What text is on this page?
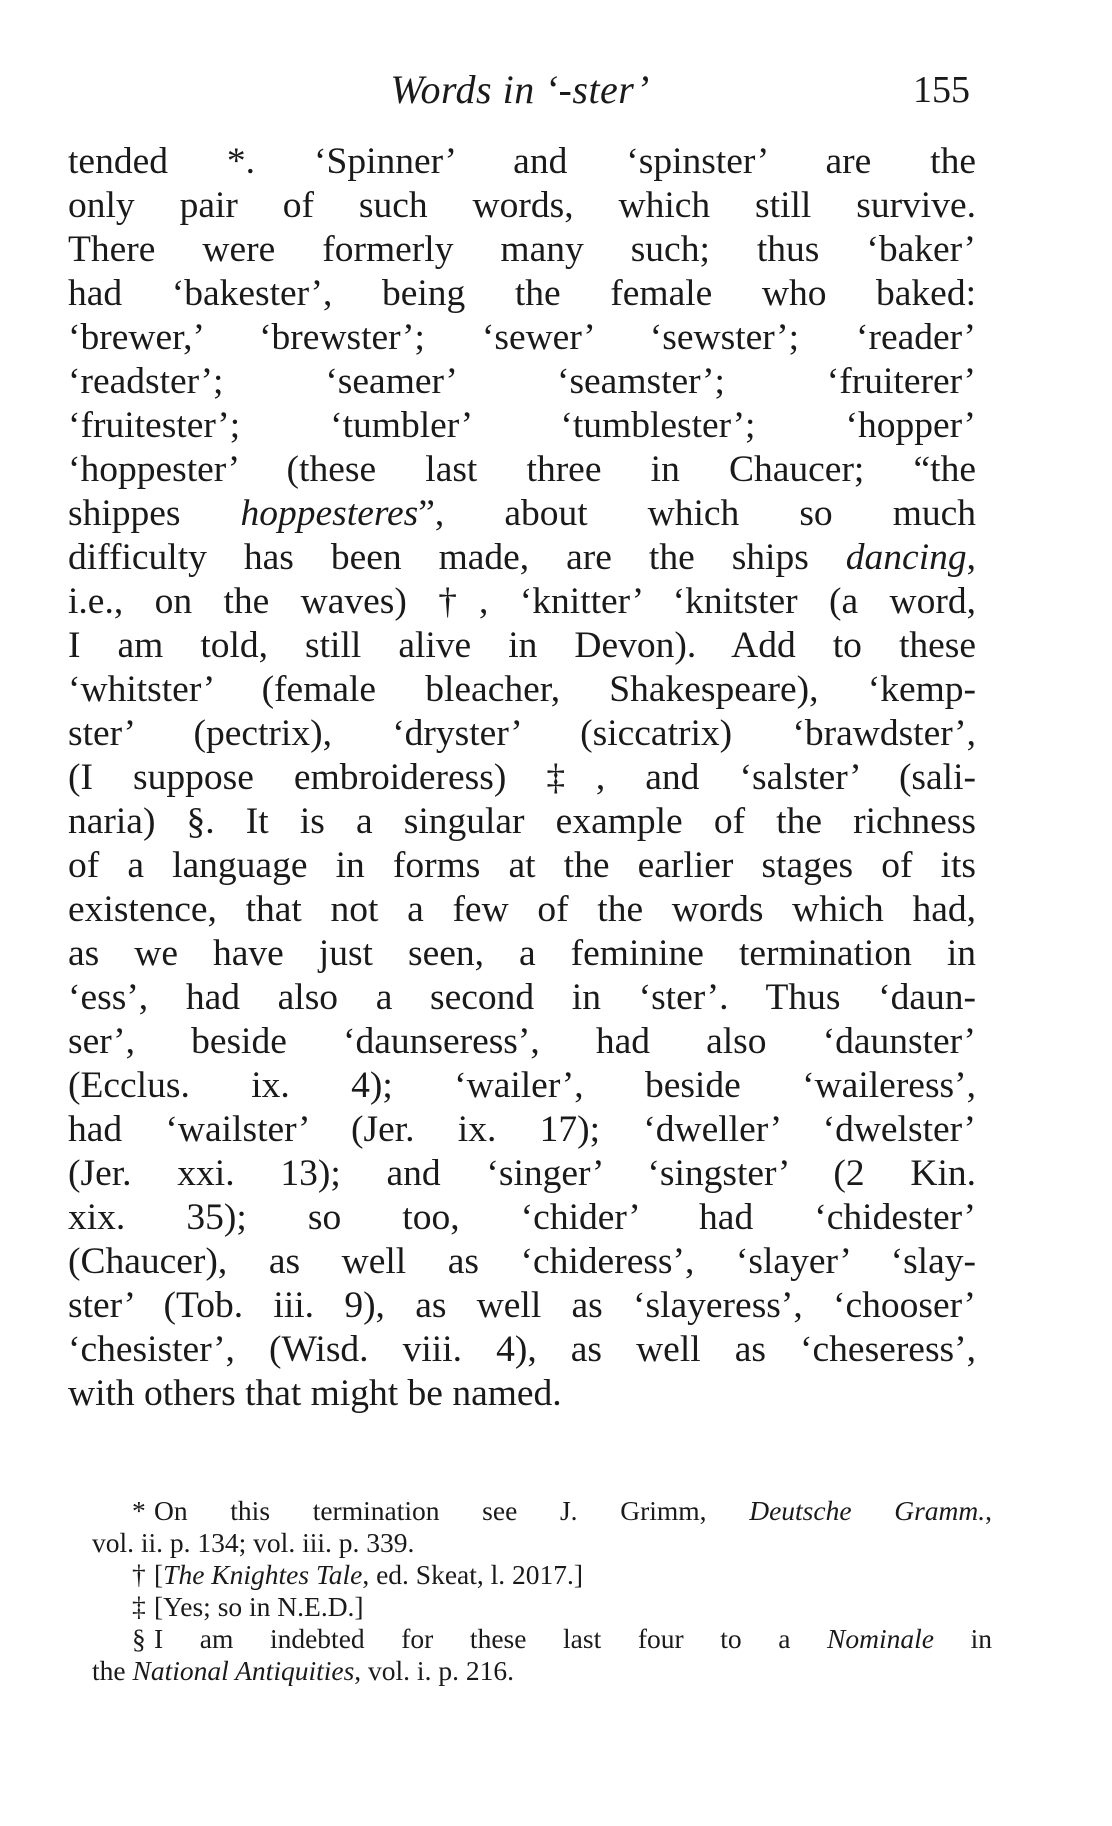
Words in ‘-ster’	155
tended *. ‘Spinner’ and ‘spinster’ are the
only pair of such words, which still survive.
There were formerly many such; thus ‘baker’
had ‘bakester’, being the female who baked:
‘brewer,’ ‘brewster’; ‘sewer’ ‘sewster’; ‘reader’
‘readster’; ‘seamer’ ‘seamster’; ‘fruiterer’
‘fruitester’; ‘tumbler’ ‘tumblester’; ‘hopper’
‘hoppester’ (these last three in Chaucer; “the
shippes hoppesteres”, about which so much
difficulty has been made, are the ships dancing,
i.e., on the waves) †, ‘knitter’ ‘knitster (a word,
I am told, still alive in Devon). Add to these
‘whitster’ (female bleacher, Shakespeare), ‘kemp-
ster’ (pectrix), ‘dryster’ (siccatrix) ‘brawdster’,
(I suppose embroideress) ‡, and ‘salster’ (sali-
naria) §. It is a singular example of the richness
of a language in forms at the earlier stages of its
existence, that not a few of the words which had,
as we have just seen, a feminine termination in
‘ess’, had also a second in ‘ster’. Thus ‘daun-
ser’, beside ‘daunseress’, had also ‘daunster’
(Ecclus. ix. 4); ‘wailer’, beside ‘waileress’,
had ‘wailster’ (Jer. ix. 17); ‘dweller’ ‘dwelster’
(Jer. xxi. 13); and ‘singer’ ‘singster’ (2 Kin.
xix. 35); so too, ‘chider’ had ‘chidester’
(Chaucer), as well as ‘chideress’, ‘slayer’ ‘slay-
ster’ (Tob. iii. 9), as well as ‘slayeress’, ‘chooser’
‘chesister’, (Wisd. viii. 4), as well as ‘cheseress’,
with others that might be named.
* On this termination see J. Grimm, Deutsche Gramm.,
vol. ii. p. 134; vol. iii. p. 339.
† [The Knightes Tale, ed. Skeat, l. 2017.]
‡ [Yes; so in N.E.D.]
§ I am indebted for these last four to a Nominale in
the National Antiquities, vol. i. p. 216.
